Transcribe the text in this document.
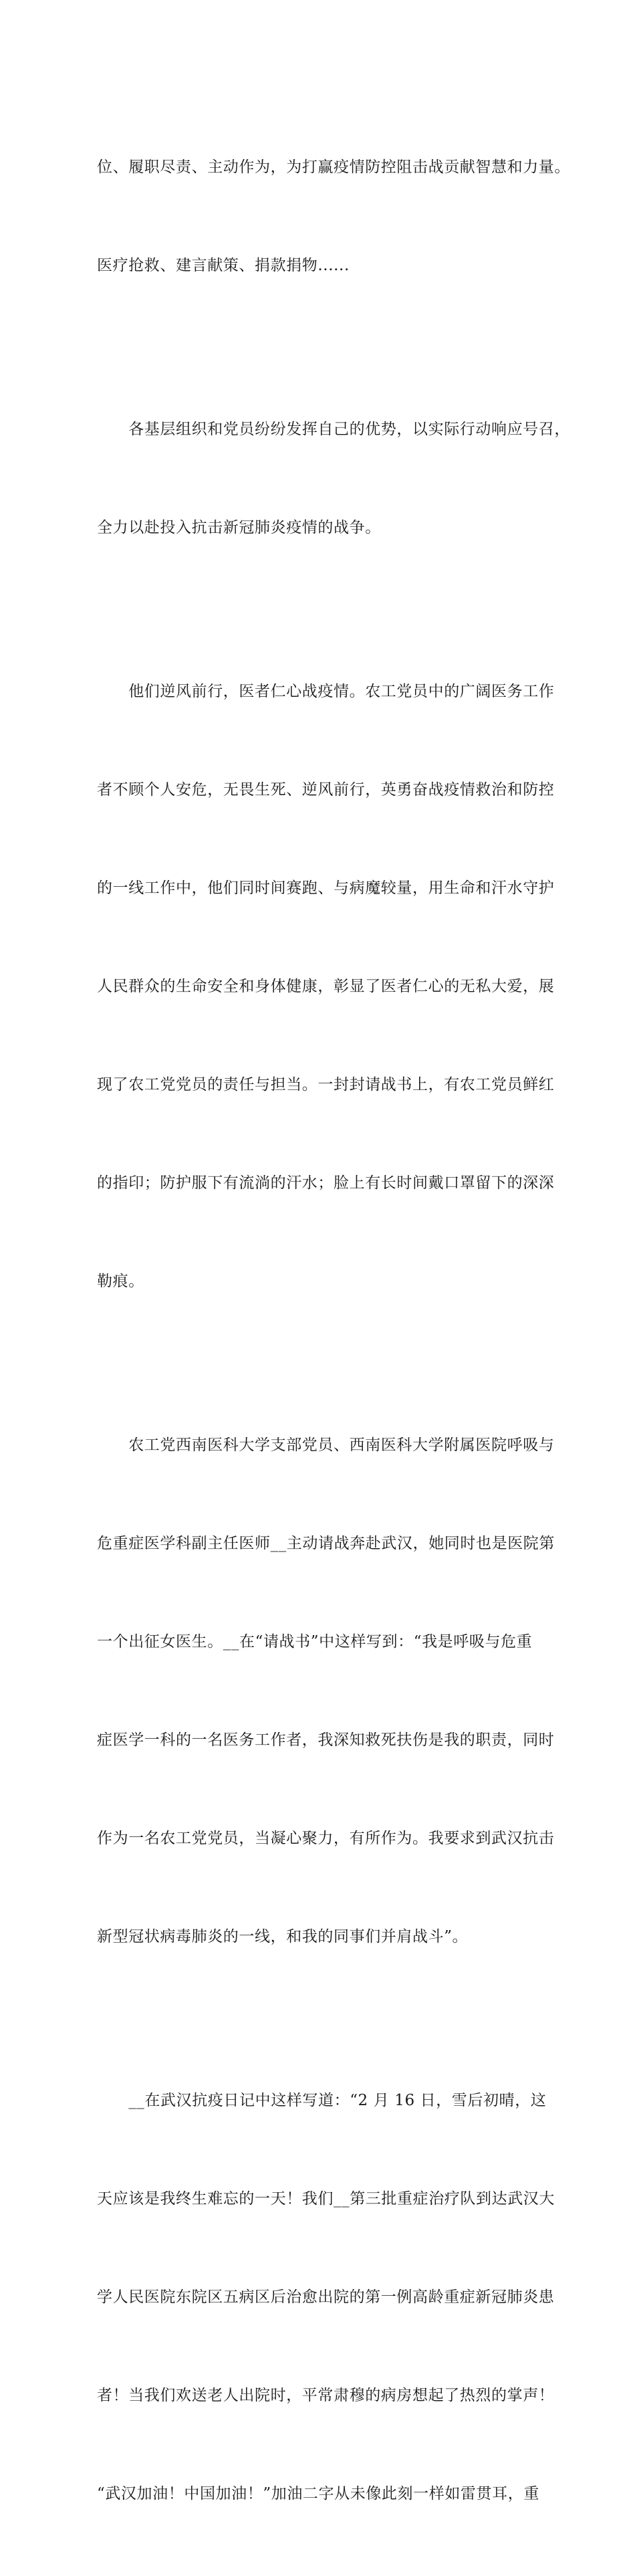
位、履职尽责、主动作为，为打赢疫情防控阻击战贡献智慧和力量。

医疗抢救、建言献策、捐款捐物......

　　各基层组织和党员纷纷发挥自己的优势，以实际行动响应号召，

全力以赴投入抗击新冠肺炎疫情的战争。

　　他们逆风前行，医者仁心战疫情。农工党员中的广阔医务工作

者不顾个人安危，无畏生死、逆风前行，英勇奋战疫情救治和防控

的一线工作中，他们同时间赛跑、与病魔较量，用生命和汗水守护

人民群众的生命安全和身体健康，彰显了医者仁心的无私大爱，展

现了农工党党员的责任与担当。一封封请战书上，有农工党员鲜红

的指印；防护服下有流淌的汗水；脸上有长时间戴口罩留下的深深

勒痕。

　　农工党西南医科大学支部党员、西南医科大学附属医院呼吸与

危重症医学科副主任医师__主动请战奔赴武汉，她同时也是医院第

一个出征女医生。__在“请战书”中这样写到：“我是呼吸与危重

症医学一科的一名医务工作者，我深知救死扶伤是我的职责，同时

作为一名农工党党员，当凝心聚力，有所作为。我要求到武汉抗击

新型冠状病毒肺炎的一线，和我的同事们并肩战斗”。

　　__在武汉抗疫日记中这样写道：“2 月 16 日，雪后初晴，这

天应该是我终生难忘的一天！我们__第三批重症治疗队到达武汉大

学人民医院东院区五病区后治愈出院的第一例高龄重症新冠肺炎患

者！当我们欢送老人出院时，平常肃穆的病房想起了热烈的掌声！

“武汉加油！中国加油！”加油二字从未像此刻一样如雷贯耳，重
